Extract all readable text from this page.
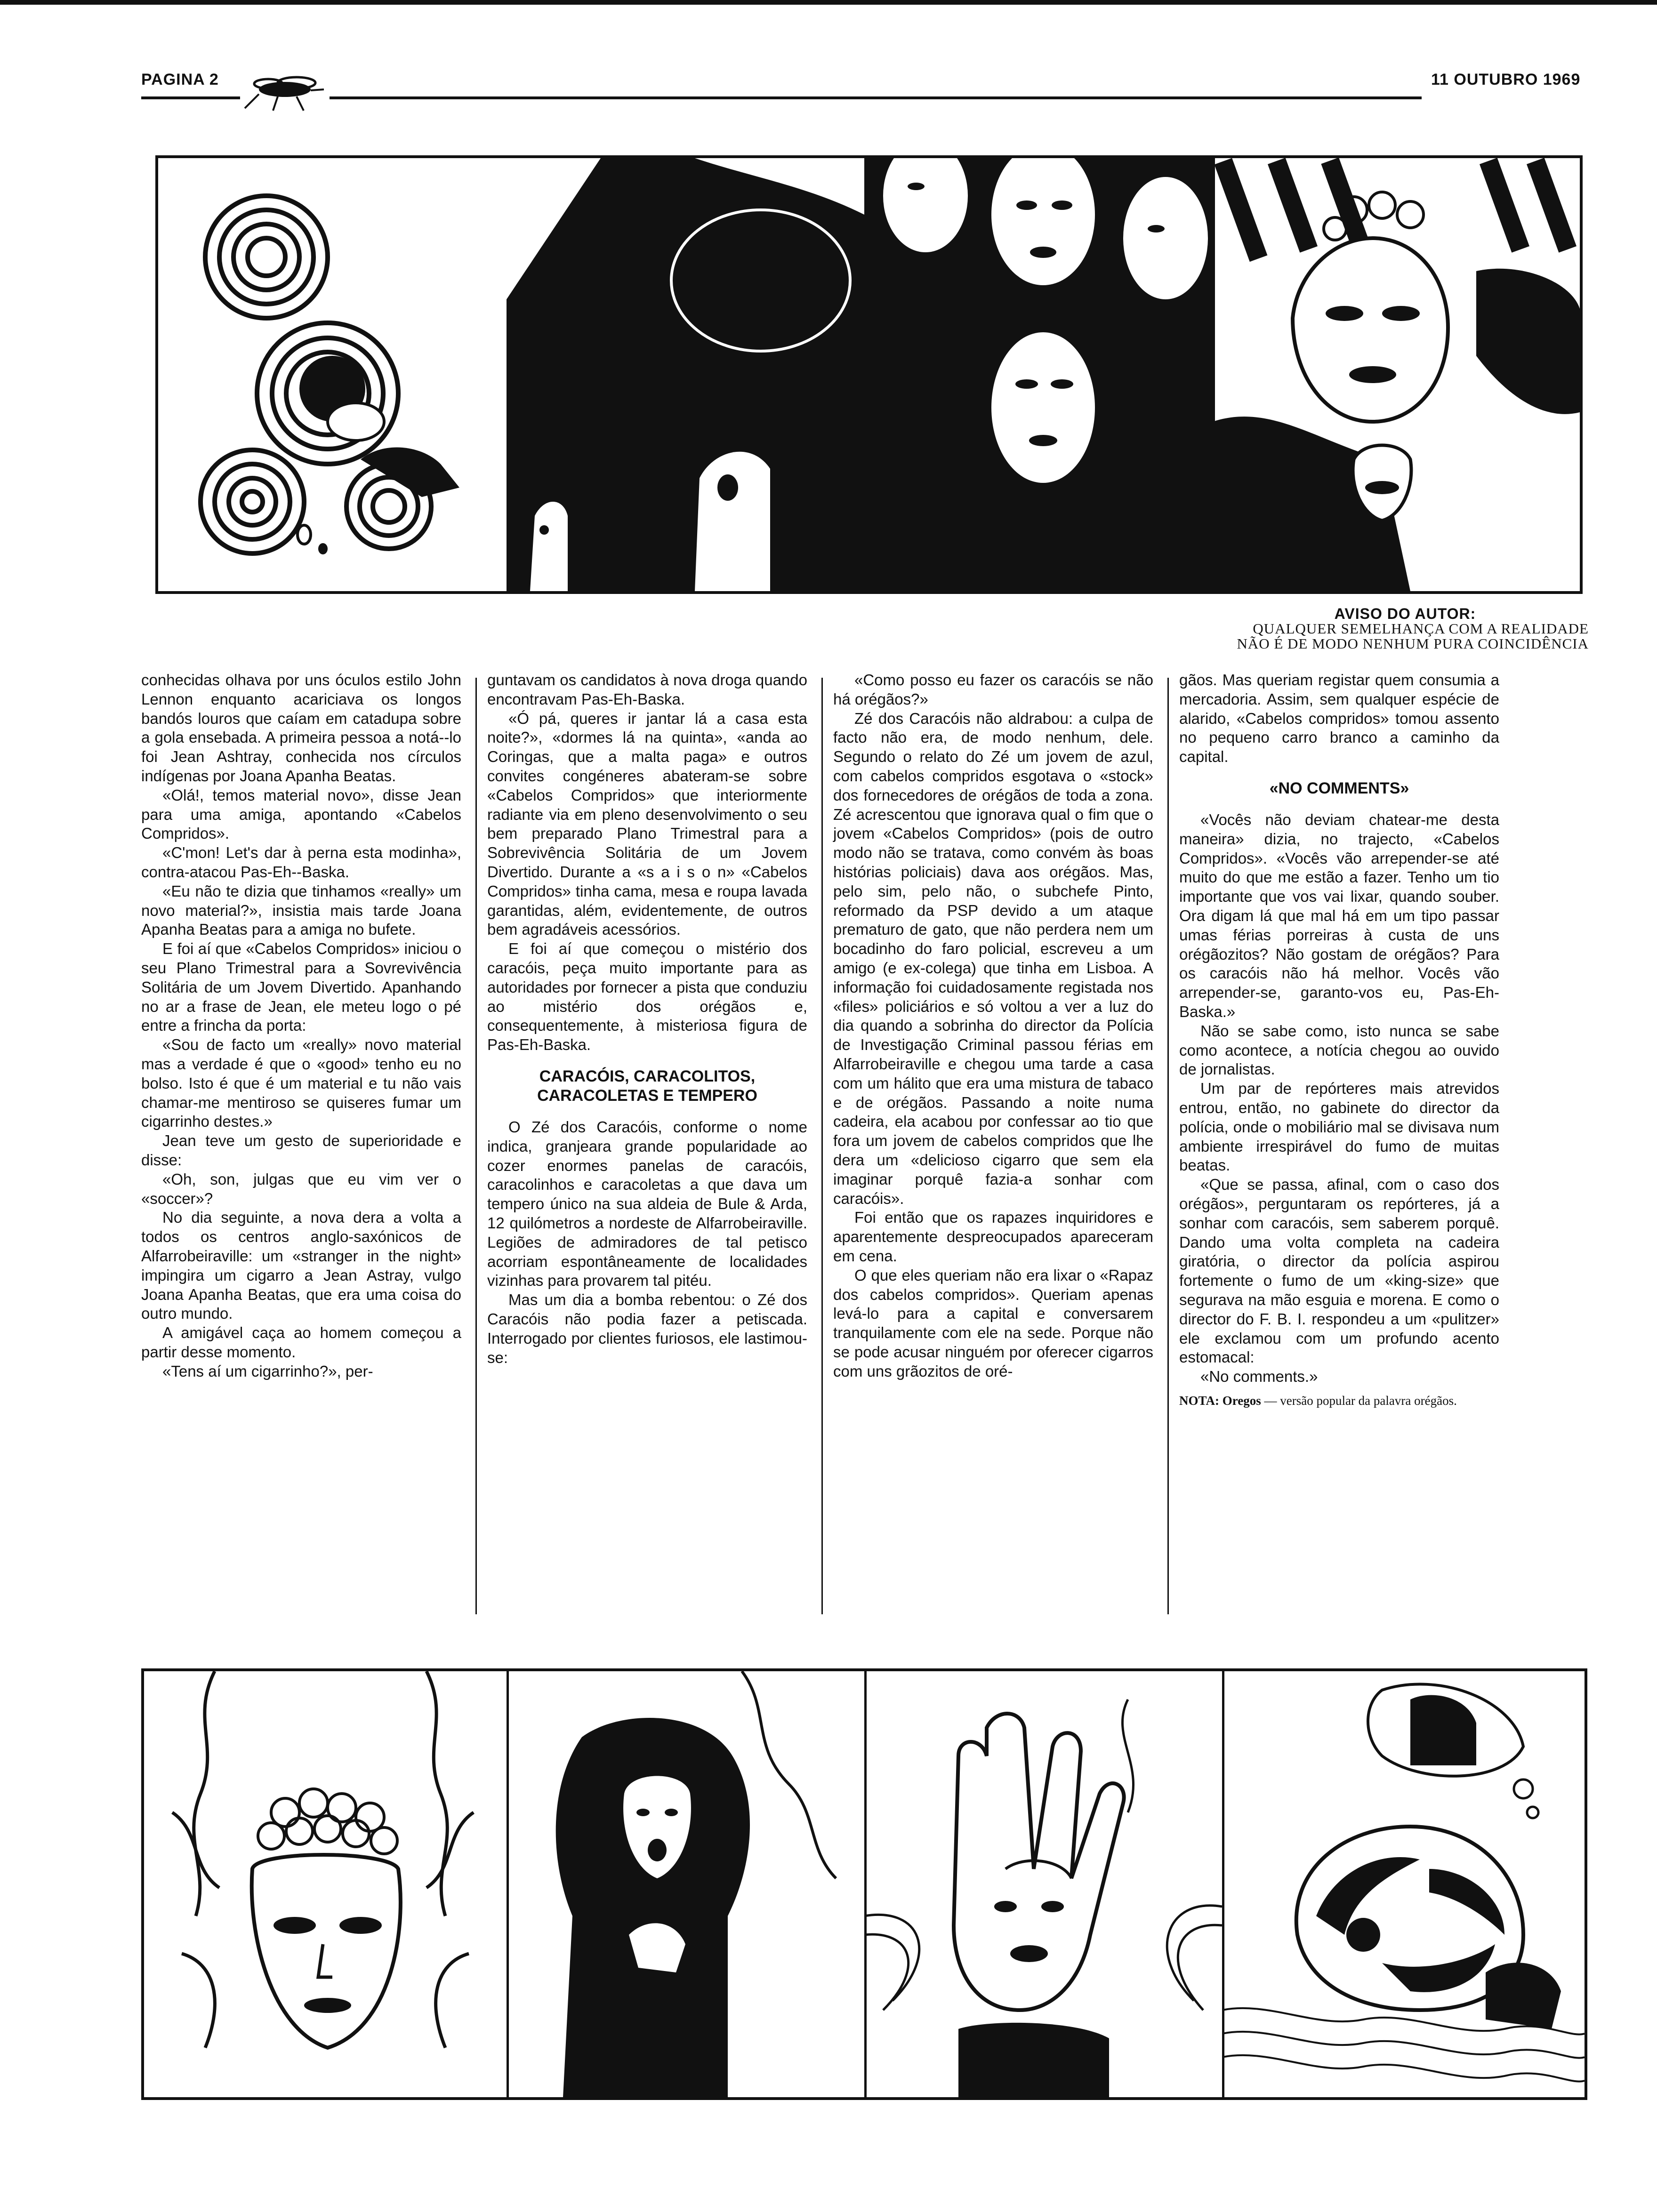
PAGINA 2	11 OUTUBRO 1969
AVISO DO AUTOR:
QUALQUER SEMELHANÇA COM A REALIDADE
NÃO É DE MODO NENHUM PURA COINCIDÊNCIA

conhecidas olhava por uns óculos estilo John Lennon enquanto acariciava os longos bandós louros que caíam em catadupa sobre a gola ensebada. A primeira pessoa a notá--lo foi Jean Ashtray, conhecida nos círculos indígenas por Joana Apanha Beatas.

«Olá!, temos material novo», disse Jean para uma amiga, apontando «Cabelos Compridos».

«C'mon! Let's dar à perna esta modinha», contra-atacou Pas-Eh--Baska.

«Eu não te dizia que tinhamos «really» um novo material?», insistia mais tarde Joana Apanha Beatas para a amiga no bufete.

E foi aí que «Cabelos Compridos» iniciou o seu Plano Trimestral para a Sovrevivência Solitária de um Jovem Divertido. Apanhando no ar a frase de Jean, ele meteu logo o pé entre a frincha da porta:

«Sou de facto um «really» novo material mas a verdade é que o «good» tenho eu no bolso. Isto é que é um material e tu não vais chamar-me mentiroso se quiseres fumar um cigarrinho destes.»

Jean teve um gesto de superioridade e disse:

«Oh, son, julgas que eu vim ver o «soccer»?

No dia seguinte, a nova dera a volta a todos os centros anglo-saxónicos de Alfarrobeiraville: um «stranger in the night» impingira um cigarro a Jean Astray, vulgo Joana Apanha Beatas, que era uma coisa do outro mundo.

A amigável caça ao homem começou a partir desse momento.

«Tens aí um cigarrinho?», per-

guntavam os candidatos à nova droga quando encontravam Pas-Eh-Baska.

«Ó pá, queres ir jantar lá a casa esta noite?», «dormes lá na quinta», «anda ao Coringas, que a malta paga» e outros convites congéneres abateram-se sobre «Cabelos Compridos» que interiormente radiante via em pleno desenvolvimento o seu bem preparado Plano Trimestral para a Sobrevivência Solitária de um Jovem Divertido. Durante a «s a i s o n» «Cabelos Compridos» tinha cama, mesa e roupa lavada garantidas, além, evidentemente, de outros bem agradáveis acessórios.

E foi aí que começou o mistério dos caracóis, peça muito importante para as autoridades por fornecer a pista que conduziu ao mistério dos orégãos e, consequentemente, à misteriosa figura de Pas-Eh-Baska.

CARACÓIS, CARACOLITOS, CARACOLETAS E TEMPERO

O Zé dos Caracóis, conforme o nome indica, granjeara grande popularidade ao cozer enormes panelas de caracóis, caracolinhos e caracoletas a que dava um tempero único na sua aldeia de Bule & Arda, 12 quilómetros a nordeste de Alfarrobeiraville. Legiões de admiradores de tal petisco acorriam espontâneamente de localidades vizinhas para provarem tal pitéu.

Mas um dia a bomba rebentou: o Zé dos Caracóis não podia fazer a petiscada. Interrogado por clientes furiosos, ele lastimou-se:

«Como posso eu fazer os caracóis se não há orégãos?»

Zé dos Caracóis não aldrabou: a culpa de facto não era, de modo nenhum, dele. Segundo o relato do Zé um jovem de azul, com cabelos compridos esgotava o «stock» dos fornecedores de orégãos de toda a zona. Zé acrescentou que ignorava qual o fim que o jovem «Cabelos Compridos» (pois de outro modo não se tratava, como convém às boas histórias policiais) dava aos orégãos. Mas, pelo sim, pelo não, o subchefe Pinto, reformado da PSP devido a um ataque prematuro de gato, que não perdera nem um bocadinho do faro policial, escreveu a um amigo (e ex-colega) que tinha em Lisboa. A informação foi cuidadosamente registada nos «files» policiários e só voltou a ver a luz do dia quando a sobrinha do director da Polícia de Investigação Criminal passou férias em Alfarrobeiraville e chegou uma tarde a casa com um hálito que era uma mistura de tabaco e de orégãos. Passando a noite numa cadeira, ela acabou por confessar ao tio que fora um jovem de cabelos compridos que lhe dera um «delicioso cigarro que sem ela imaginar porquê fazia-a sonhar com caracóis».

Foi então que os rapazes inquiridores e aparentemente despreocupados apareceram em cena.

O que eles queriam não era lixar o «Rapaz dos cabelos compridos». Queriam apenas levá-lo para a capital e conversarem tranquilamente com ele na sede. Porque não se pode acusar ninguém por oferecer cigarros com uns grãozitos de oré-

gãos. Mas queriam registar quem consumia a mercadoria. Assim, sem qualquer espécie de alarido, «Cabelos compridos» tomou assento no pequeno carro branco a caminho da capital.

«NO COMMENTS»

«Vocês não deviam chatear-me desta maneira» dizia, no trajecto, «Cabelos Compridos». «Vocês vão arrepender-se até muito do que me estão a fazer. Tenho um tio importante que vos vai lixar, quando souber. Ora digam lá que mal há em um tipo passar umas férias porreiras à custa de uns orégãozitos? Não gostam de orégãos? Para os caracóis não há melhor. Vocês vão arrepender-se, garanto-vos eu, Pas-Eh-Baska.»

Não se sabe como, isto nunca se sabe como acontece, a notícia chegou ao ouvido de jornalistas.

Um par de repórteres mais atrevidos entrou, então, no gabinete do director da polícia, onde o mobiliário mal se divisava num ambiente irrespirável do fumo de muitas beatas.

«Que se passa, afinal, com o caso dos orégãos», perguntaram os repórteres, já a sonhar com caracóis, sem saberem porquê. Dando uma volta completa na cadeira giratória, o director da polícia aspirou fortemente o fumo de um «king-size» que segurava na mão esguia e morena. E como o director do F. B. I. respondeu a um «pulitzer» ele exclamou com um profundo acento estomacal:

«No comments.»

NOTA: Oregos — versão popular da palavra orégãos.
